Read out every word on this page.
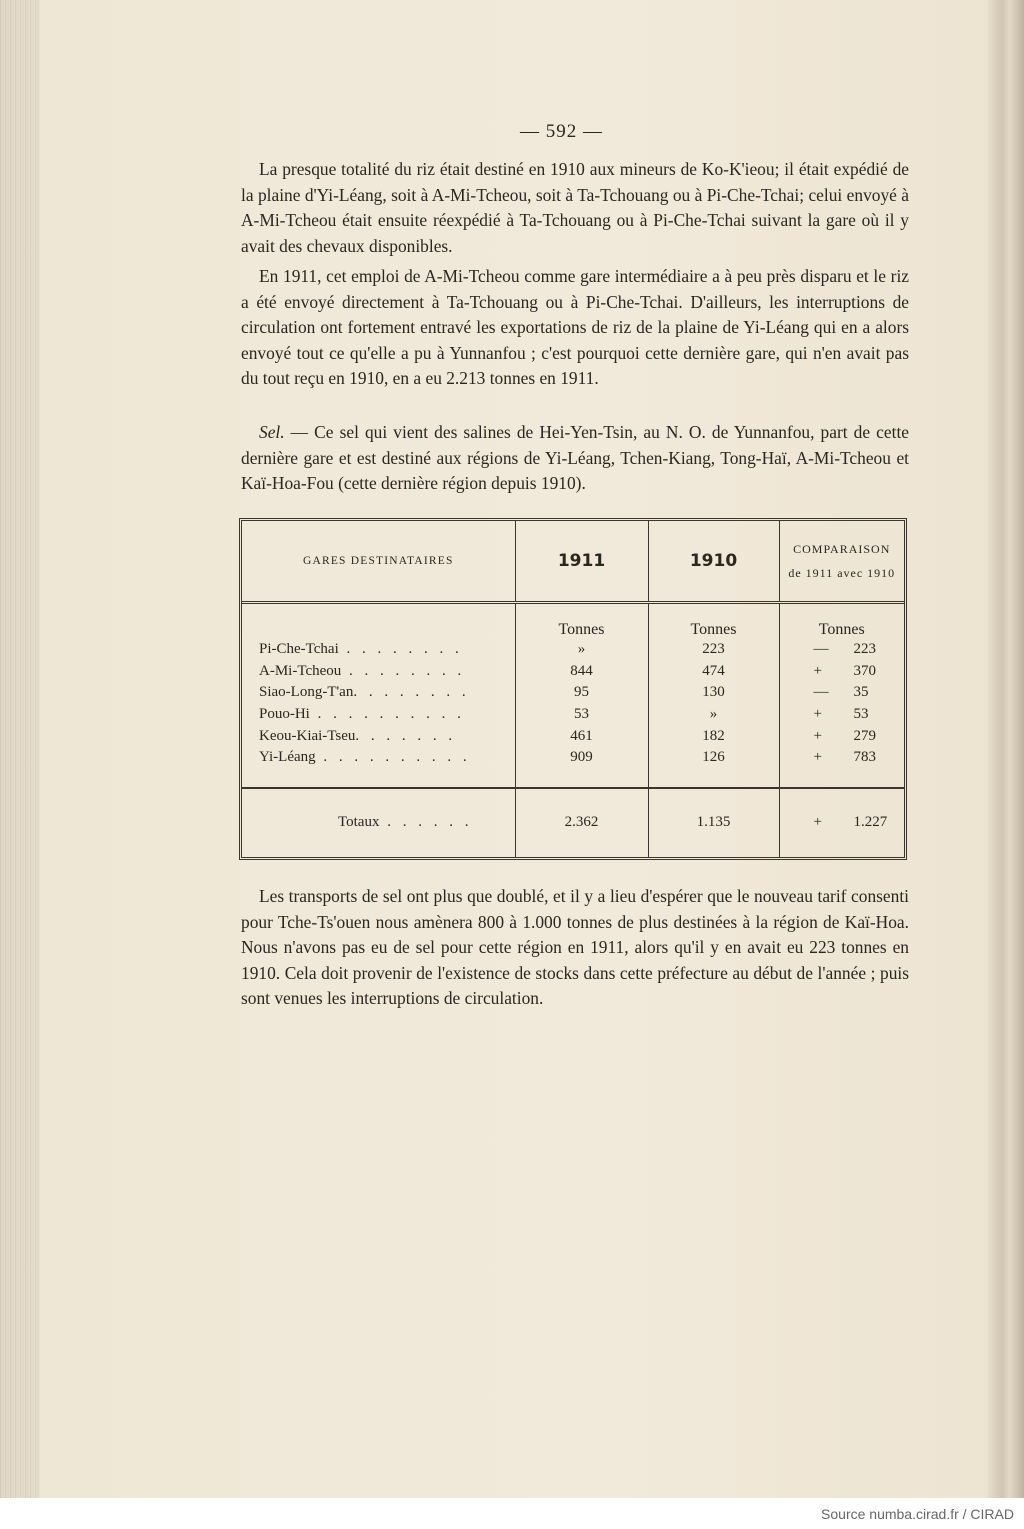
— 592 —

La presque totalité du riz était destiné en 1910 aux mineurs de Ko-K'ieou; il était expédié de la plaine d'Yi-Léang, soit à A-Mi-Tcheou, soit à Ta-Tchouang ou à Pi-Che-Tchai; celui envoyé à A-Mi-Tcheou était ensuite réexpédié à Ta-Tchouang ou à Pi-Che-Tchai suivant la gare où il y avait des chevaux disponibles.

En 1911, cet emploi de A-Mi-Tcheou comme gare intermédiaire a à peu près disparu et le riz a été envoyé directement à Ta-Tchouang ou à Pi-Che-Tchai. D'ailleurs, les interruptions de circulation ont fortement entravé les exportations de riz de la plaine de Yi-Léang qui en a alors envoyé tout ce qu'elle a pu à Yunnanfou ; c'est pourquoi cette dernière gare, qui n'en avait pas du tout reçu en 1910, en a eu 2.213 tonnes en 1911.

Sel. — Ce sel qui vient des salines de Hei-Yen-Tsin, au N. O. de Yunnanfou, part de cette dernière gare et est destiné aux régions de Yi-Léang, Tchen-Kiang, Tong-Haï, A-Mi-Tcheou et Kaï-Hoa-Fou (cette dernière région depuis 1910).

GARES DESTINATAIRES	1911	1910	COMPARAISON
de 1911 avec 1910

	Tonnes	Tonnes	Tonnes
Pi-Che-Tchai . . . . . . . .	»	223	— 223
A-Mi-Tcheou . . . . . . . .	844	474	+ 370
Siao-Long-T'an. . . . . . . .	95	130	— 35
Pouo-Hi . . . . . . . . . .	53	»	+ 53
Keou-Kiai-Tseu. . . . . . .	461	182	+ 279
Yi-Léang . . . . . . . . . .	909	126	+ 783

Totaux . . . . . .	2.362	1.135	+ 1.227

Les transports de sel ont plus que doublé, et il y a lieu d'espérer que le nouveau tarif consenti pour Tche-Ts'ouen nous amènera 800 à 1.000 tonnes de plus destinées à la région de Kaï-Hoa. Nous n'avons pas eu de sel pour cette région en 1911, alors qu'il y en avait eu 223 tonnes en 1910. Cela doit provenir de l'existence de stocks dans cette préfecture au début de l'année ; puis sont venues les interruptions de circulation.

Source numba.cirad.fr / CIRAD
